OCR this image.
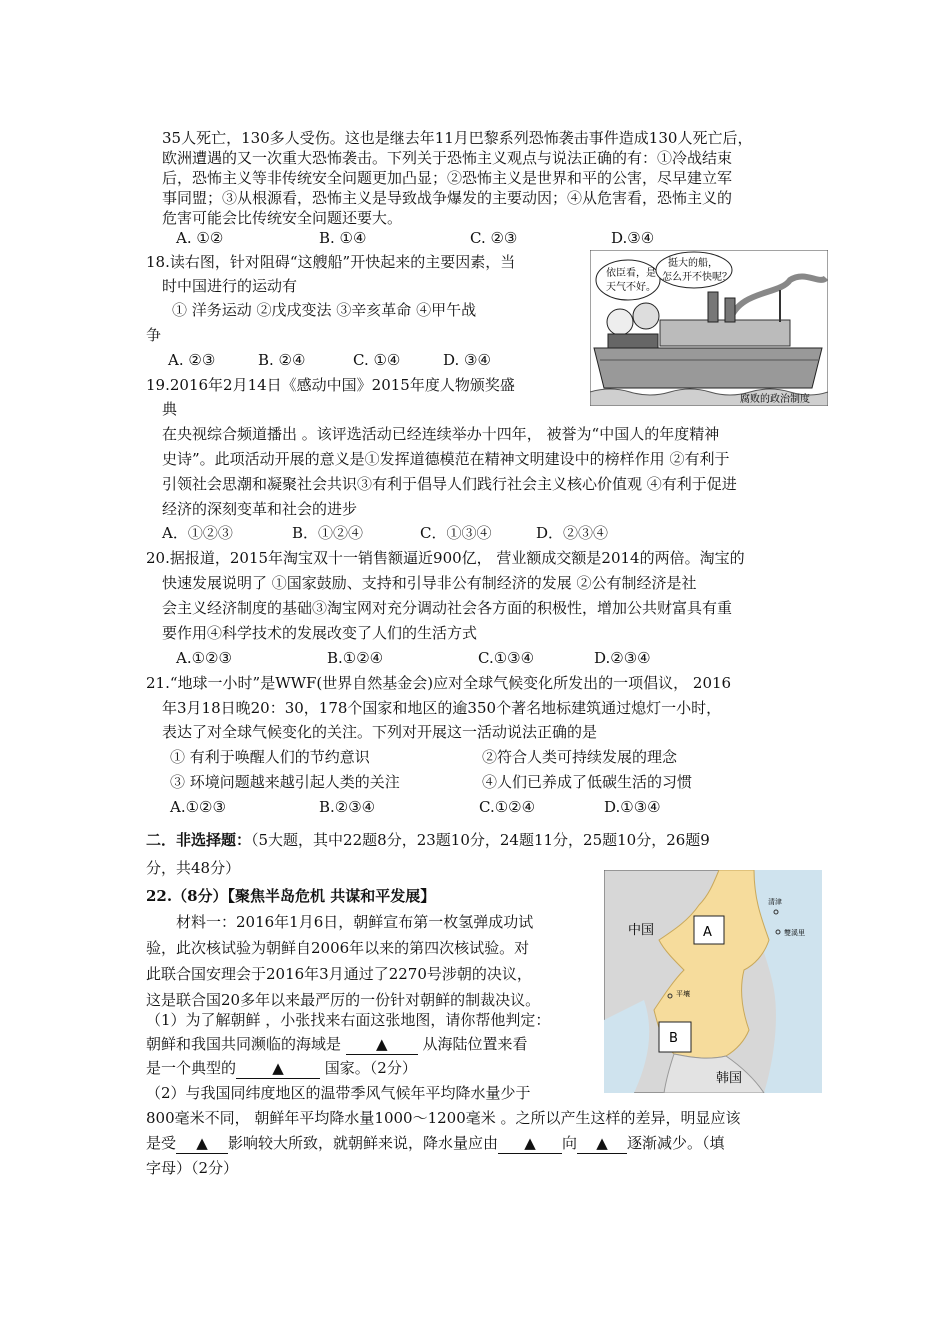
35人死亡，130多人受伤。这也是继去年11月巴黎系列恐怖袭击事件造成130人死亡后，
欧洲遭遇的又一次重大恐怖袭击。下列关于恐怖主义观点与说法正确的有：①冷战结束
后，恐怖主义等非传统安全问题更加凸显；②恐怖主义是世界和平的公害，尽早建立军
事同盟；③从根源看，恐怖主义是导致战争爆发的主要动因；④从危害看，恐怖主义的
危害可能会比传统安全问题还要大。
A. ①②	B. ①④	C. ②③	D.③④
18.读右图，针对阻碍“这艘船”开快起来的主要因素，当
时中国进行的运动有
① 洋务运动 ②戊戌变法 ③辛亥革命 ④甲午战
争
A. ②③	B. ②④	C. ①④	D. ③④
依臣看，是
天气不好。
挺大的船，
怎么开不快呢？
腐败的政治制度
19.2016年2月14日《感动中国》2015年度人物颁奖盛
典
在央视综合频道播出 。该评选活动已经连续举办十四年， 被誉为“中国人的年度精神
史诗”。此项活动开展的意义是①发挥道德模范在精神文明建设中的榜样作用 ②有利于
引领社会思潮和凝聚社会共识③有利于倡导人们践行社会主义核心价值观 ④有利于促进
经济的深刻变革和社会的进步
A．①②③	B．①②④	C．①③④	D．②③④
20.据报道，2015年淘宝双十一销售额逼近900亿， 营业额成交额是2014的两倍。淘宝的
快速发展说明了 ①国家鼓励、支持和引导非公有制经济的发展 ②公有制经济是社
会主义经济制度的基础③淘宝网对充分调动社会各方面的积极性，增加公共财富具有重
要作用④科学技术的发展改变了人们的生活方式
A.①②③	B.①②④	C.①③④	D.②③④
21.“地球一小时”是WWF(世界自然基金会)应对全球气候变化所发出的一项倡议， 2016
年3月18日晚20：30，178个国家和地区的逾350个著名地标建筑通过熄灯一小时，
表达了对全球气候变化的关注。下列对开展这一活动说法正确的是
① 有利于唤醒人们的节约意识	②符合人类可持续发展的理念
③ 环境问题越来越引起人类的关注	④人们已养成了低碳生活的习惯
A.①②③	B.②③④	C.①②④	D.①③④
二．非选择题：（5大题，其中22题8分，23题10分，24题11分，25题10分，26题9
分，共48分）
22.（8分）【聚焦半岛危机 共谋和平发展】
材料一：2016年1月6日，朝鲜宣布第一枚氢弹成功试
验，此次核试验为朝鲜自2006年以来的第四次核试验。对
此联合国安理会于2016年3月通过了2270号涉朝的决议，
这是联合国20多年以来最严厉的一份针对朝鲜的制裁决议。
（1）为了解朝鲜 ，小张找来右面这张地图，请你帮他判定：
朝鲜和我国共同濒临的海域是 ▲ 从海陆位置来看
是一个典型的 ▲ 国家。（2分）
（2）与我国同纬度地区的温带季风气候年平均降水量少于
800毫米不同， 朝鲜年平均降水量1000～1200毫米 。之所以产生这样的差异，明显应该
是受 ▲ 影响较大所致，就朝鲜来说，降水量应由 ▲ 向 ▲ 逐渐减少。（填
字母）（2分）
中国
韩国
A
B
清津
雙溪里
平壤
